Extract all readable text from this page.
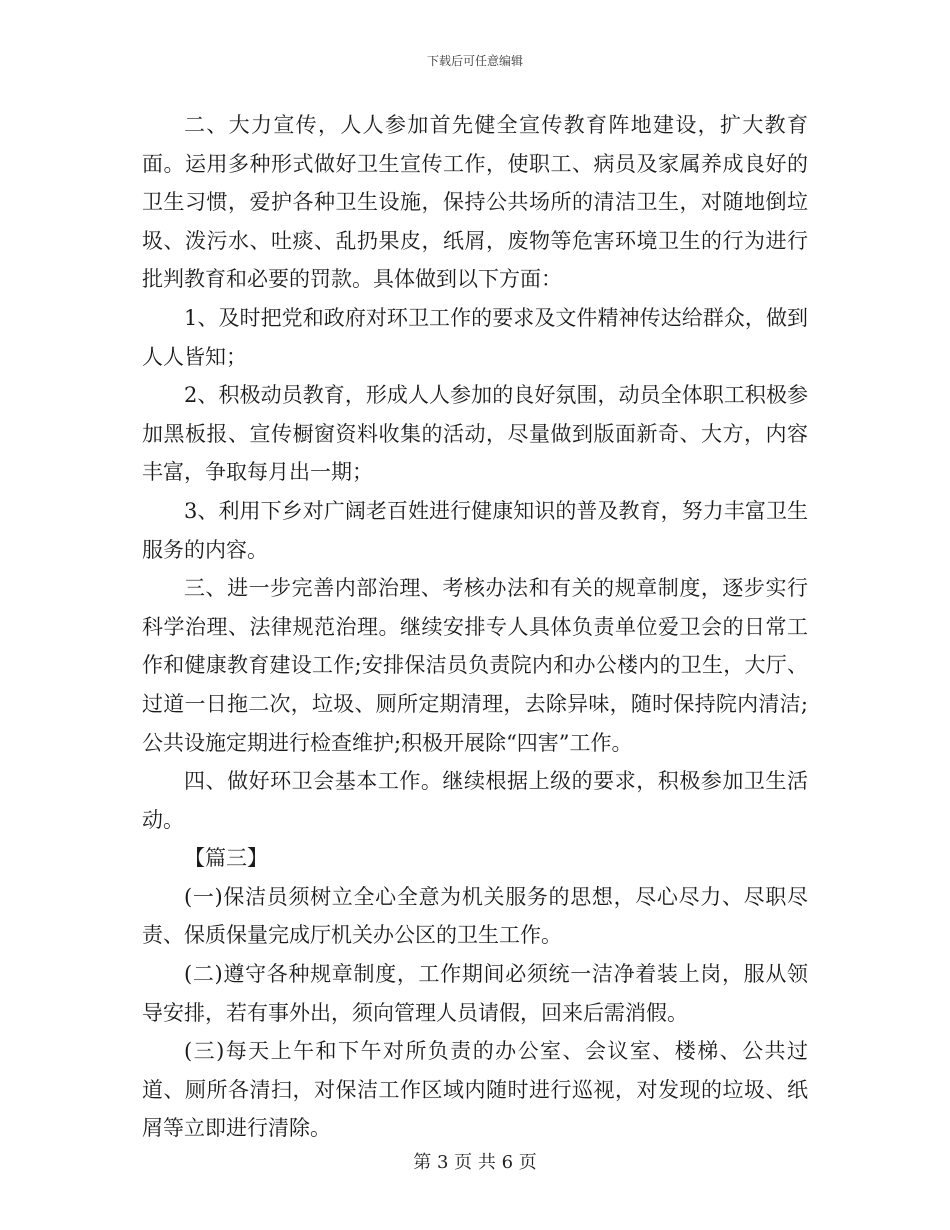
下载后可任意编辑

二、大力宣传，人人参加首先健全宣传教育阵地建设，扩大教育面。运用多种形式做好卫生宣传工作，使职工、病员及家属养成良好的卫生习惯，爱护各种卫生设施，保持公共场所的清洁卫生，对随地倒垃圾、泼污水、吐痰、乱扔果皮，纸屑，废物等危害环境卫生的行为进行批判教育和必要的罚款。具体做到以下方面：

1、及时把党和政府对环卫工作的要求及文件精神传达给群众，做到人人皆知；

2、积极动员教育，形成人人参加的良好氛围，动员全体职工积极参加黑板报、宣传橱窗资料收集的活动，尽量做到版面新奇、大方，内容丰富，争取每月出一期；

3、利用下乡对广阔老百姓进行健康知识的普及教育，努力丰富卫生服务的内容。

三、进一步完善内部治理、考核办法和有关的规章制度，逐步实行科学治理、法律规范治理。继续安排专人具体负责单位爱卫会的日常工作和健康教育建设工作;安排保洁员负责院内和办公楼内的卫生，大厅、过道一日拖二次，垃圾、厕所定期清理，去除异味，随时保持院内清洁;公共设施定期进行检查维护;积极开展除“四害”工作。

四、做好环卫会基本工作。继续根据上级的要求，积极参加卫生活动。

【篇三】

(一)保洁员须树立全心全意为机关服务的思想，尽心尽力、尽职尽责、保质保量完成厅机关办公区的卫生工作。

(二)遵守各种规章制度，工作期间必须统一洁净着装上岗，服从领导安排，若有事外出，须向管理人员请假，回来后需消假。

(三)每天上午和下午对所负责的办公室、会议室、楼梯、公共过道、厕所各清扫，对保洁工作区域内随时进行巡视，对发现的垃圾、纸屑等立即进行清除。

第 3 页 共 6 页
